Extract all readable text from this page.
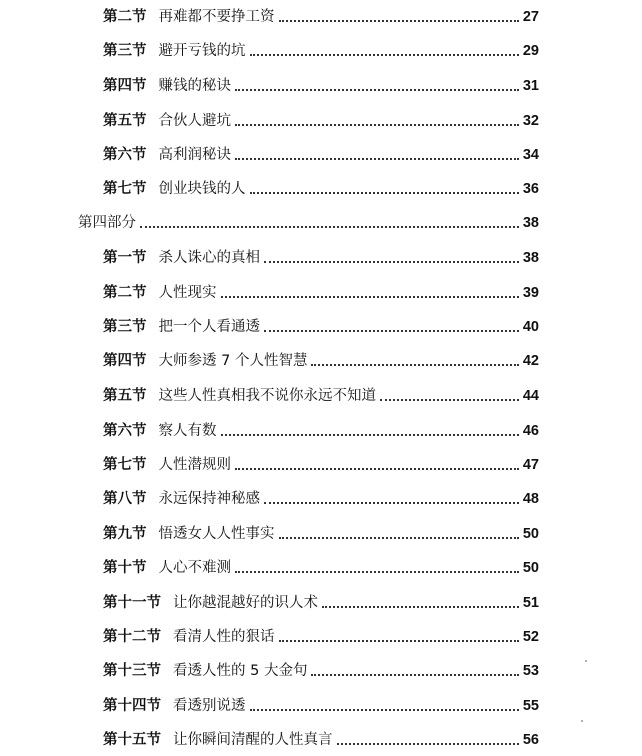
第二节 再难都不要挣工资	27
第三节 避开亏钱的坑	29
第四节 赚钱的秘诀	31
第五节 合伙人避坑	32
第六节 高利润秘诀	34
第七节 创业块钱的人	36
第四部分	38
第一节 杀人诛心的真相	38
第二节 人性现实	39
第三节 把一个人看通透	40
第四节 大师参透 7 个人性智慧	42
第五节 这些人性真相我不说你永远不知道	44
第六节 察人有数	46
第七节 人性潜规则	47
第八节 永远保持神秘感	48
第九节 悟透女人人性事实	50
第十节 人心不难测	50
第十一节 让你越混越好的识人术	51
第十二节 看清人性的狠话	52
第十三节 看透人性的 5 大金句	53
第十四节 看透别说透	55
第十五节 让你瞬间清醒的人性真言	56
